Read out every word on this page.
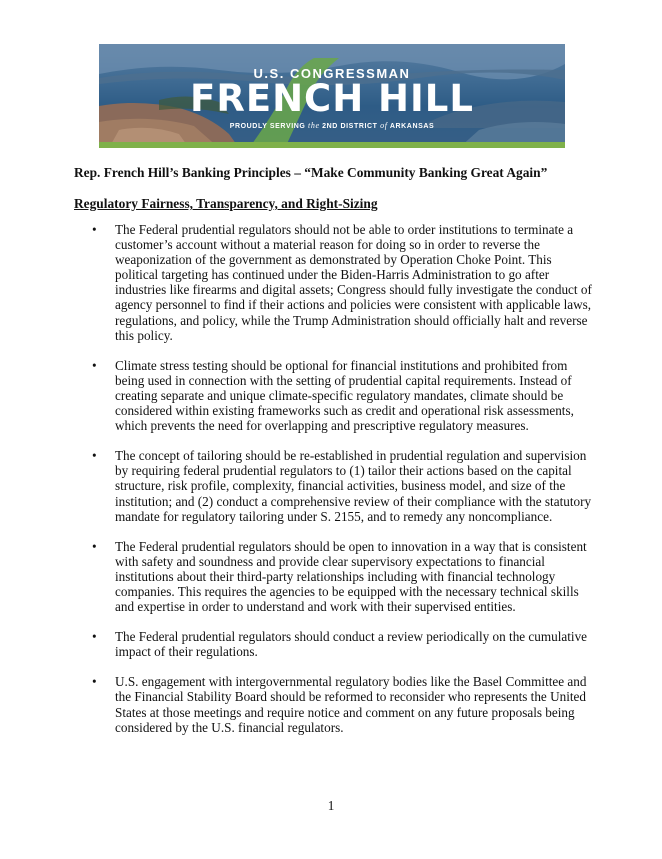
U.S. CONGRESSMAN
FRENCH HILL
PROUDLY SERVING the 2ND DISTRICT of ARKANSAS
Rep. French Hill’s Banking Principles – “Make Community Banking Great Again”
Regulatory Fairness, Transparency, and Right-Sizing
• The Federal prudential regulators should not be able to order institutions to terminate a customer’s account without a material reason for doing so in order to reverse the weaponization of the government as demonstrated by Operation Choke Point. This political targeting has continued under the Biden-Harris Administration to go after industries like firearms and digital assets; Congress should fully investigate the conduct of agency personnel to find if their actions and policies were consistent with applicable laws, regulations, and policy, while the Trump Administration should officially halt and reverse this policy.
• Climate stress testing should be optional for financial institutions and prohibited from being used in connection with the setting of prudential capital requirements. Instead of creating separate and unique climate-specific regulatory mandates, climate should be considered within existing frameworks such as credit and operational risk assessments, which prevents the need for overlapping and prescriptive regulatory measures.
• The concept of tailoring should be re-established in prudential regulation and supervision by requiring federal prudential regulators to (1) tailor their actions based on the capital structure, risk profile, complexity, financial activities, business model, and size of the institution; and (2) conduct a comprehensive review of their compliance with the statutory mandate for regulatory tailoring under S. 2155, and to remedy any noncompliance.
• The Federal prudential regulators should be open to innovation in a way that is consistent with safety and soundness and provide clear supervisory expectations to financial institutions about their third-party relationships including with financial technology companies. This requires the agencies to be equipped with the necessary technical skills and expertise in order to understand and work with their supervised entities.
• The Federal prudential regulators should conduct a review periodically on the cumulative impact of their regulations.
• U.S. engagement with intergovernmental regulatory bodies like the Basel Committee and the Financial Stability Board should be reformed to reconsider who represents the United States at those meetings and require notice and comment on any future proposals being considered by the U.S. financial regulators.
1
